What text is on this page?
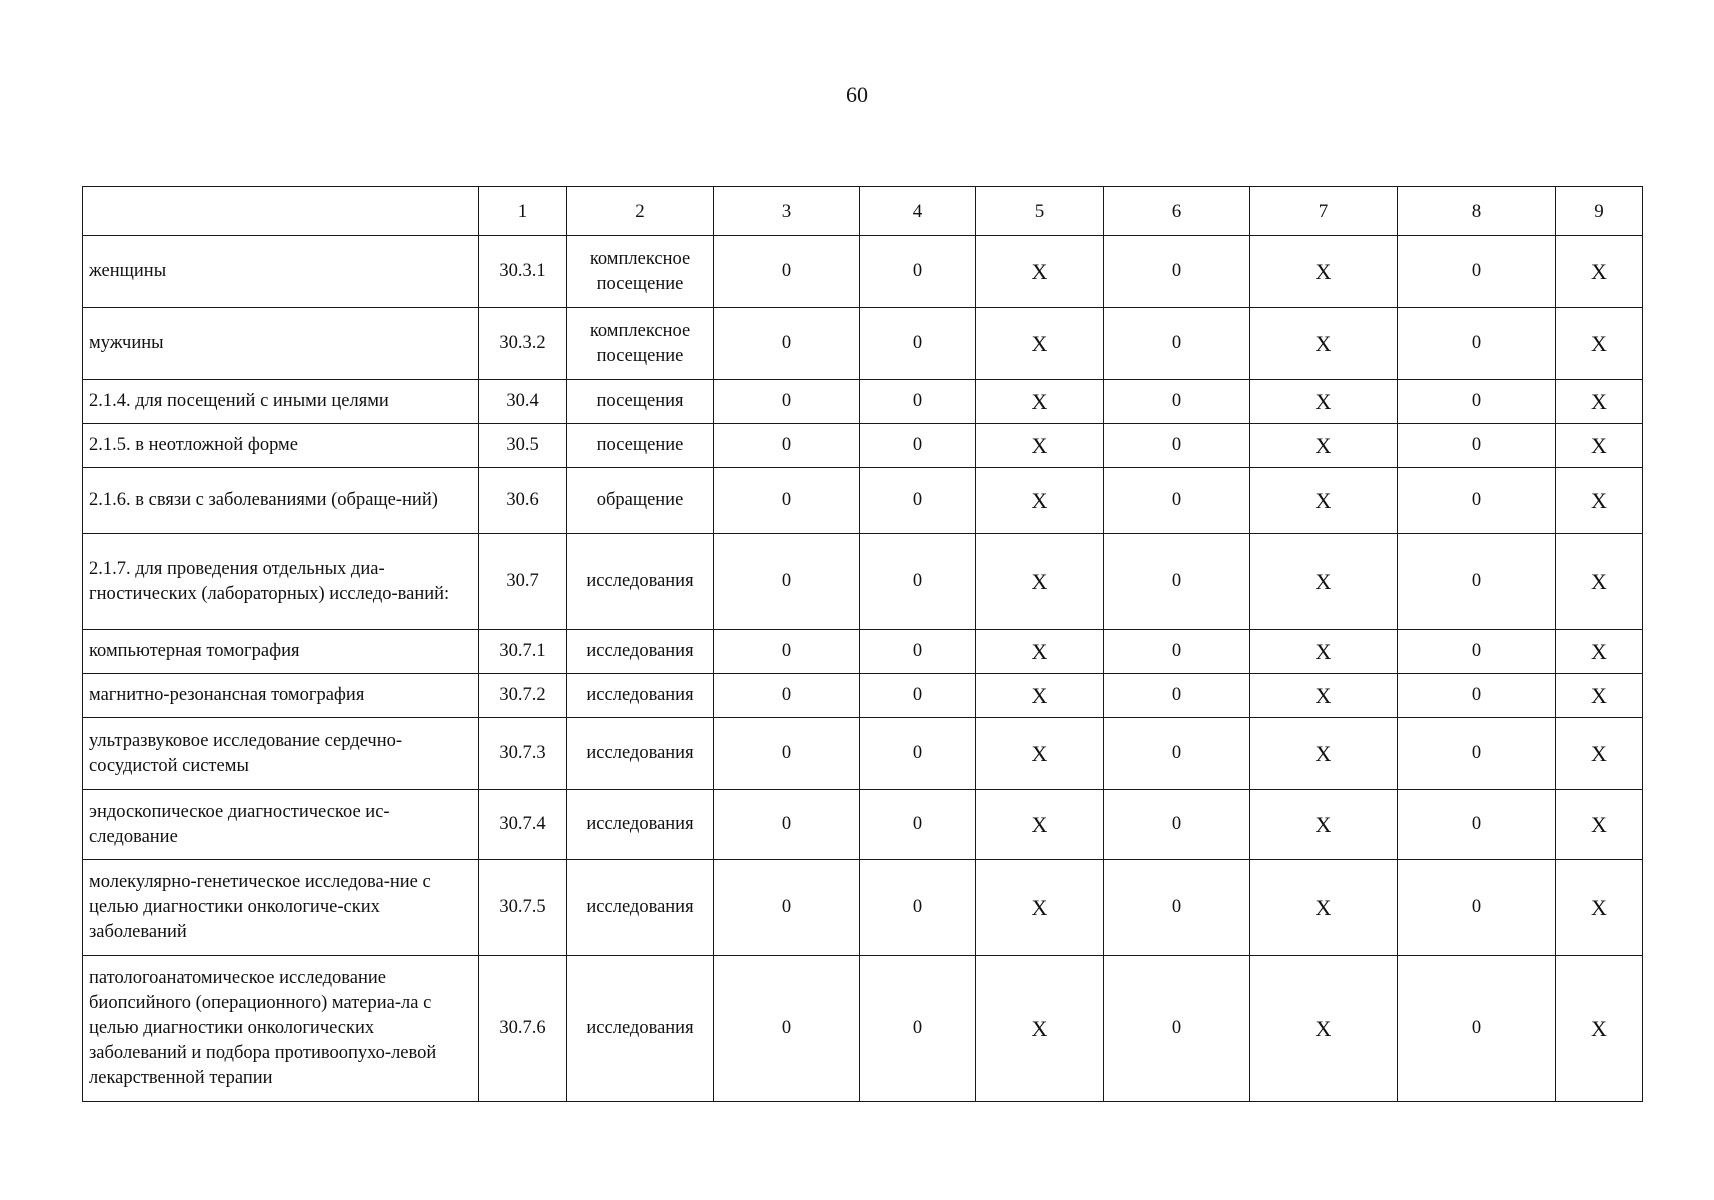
60
	1	2	3	4	5	6	7	8	9
женщины	30.3.1	комплексное посещение	0	0	X	0	X	0	X
мужчины	30.3.2	комплексное посещение	0	0	X	0	X	0	X
2.1.4. для посещений с иными целями	30.4	посещения	0	0	X	0	X	0	X
2.1.5. в неотложной форме	30.5	посещение	0	0	X	0	X	0	X
2.1.6. в связи с заболеваниями (обраще-ний)	30.6	обращение	0	0	X	0	X	0	X
2.1.7. для проведения отдельных диа-гностических (лабораторных) исследо-ваний:	30.7	исследования	0	0	X	0	X	0	X
компьютерная томография	30.7.1	исследования	0	0	X	0	X	0	X
магнитно-резонансная томография	30.7.2	исследования	0	0	X	0	X	0	X
ультразвуковое исследование сердечно-сосудистой системы	30.7.3	исследования	0	0	X	0	X	0	X
эндоскопическое диагностическое ис-следование	30.7.4	исследования	0	0	X	0	X	0	X
молекулярно-генетическое исследова-ние с целью диагностики онкологиче-ских заболеваний	30.7.5	исследования	0	0	X	0	X	0	X
патологоанатомическое исследование биопсийного (операционного) материа-ла с целью диагностики онкологических заболеваний и подбора противоопухо-левой лекарственной терапии	30.7.6	исследования	0	0	X	0	X	0	X
